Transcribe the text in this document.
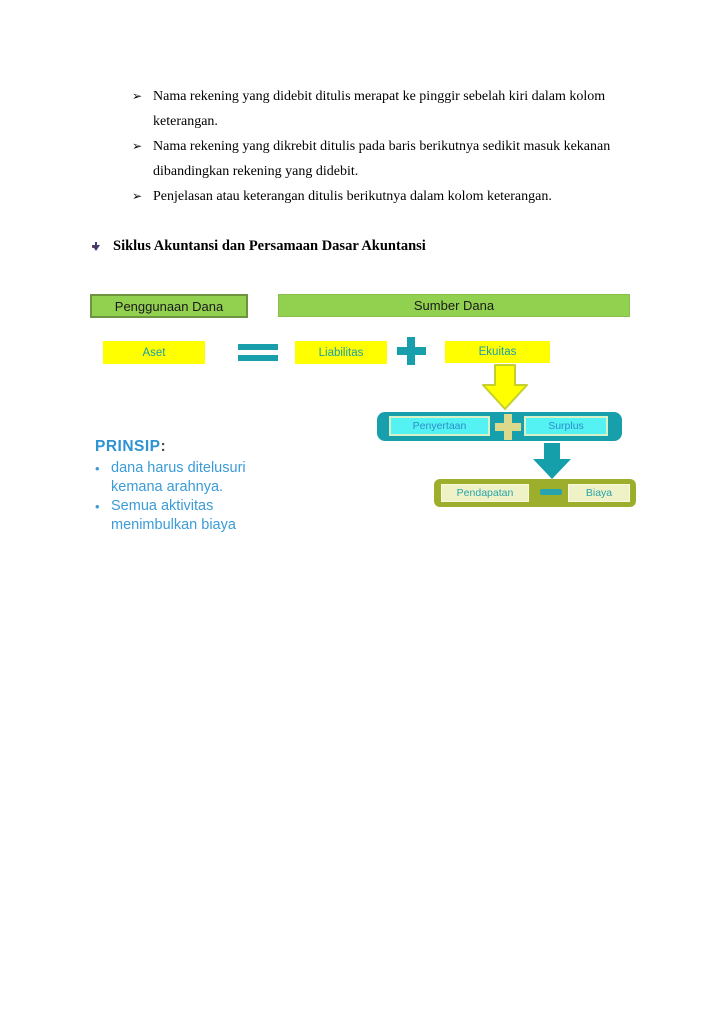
➢ Nama rekening yang didebit ditulis merapat ke pinggir sebelah kiri dalam kolom
keterangan.
➢ Nama rekening yang dikrebit ditulis pada baris berikutnya sedikit masuk kekanan
dibandingkan rekening yang didebit.
➢ Penjelasan atau keterangan ditulis berikutnya dalam kolom keterangan.
Siklus Akuntansi dan Persamaan Dasar Akuntansi
Penggunaan Dana	Sumber Dana
Aset	Liabilitas	Ekuitas
Penyertaan	Surplus
Pendapatan	Biaya
PRINSIP:
• dana harus ditelusuri
kemana arahnya.
• Semua aktivitas
menimbulkan biaya
